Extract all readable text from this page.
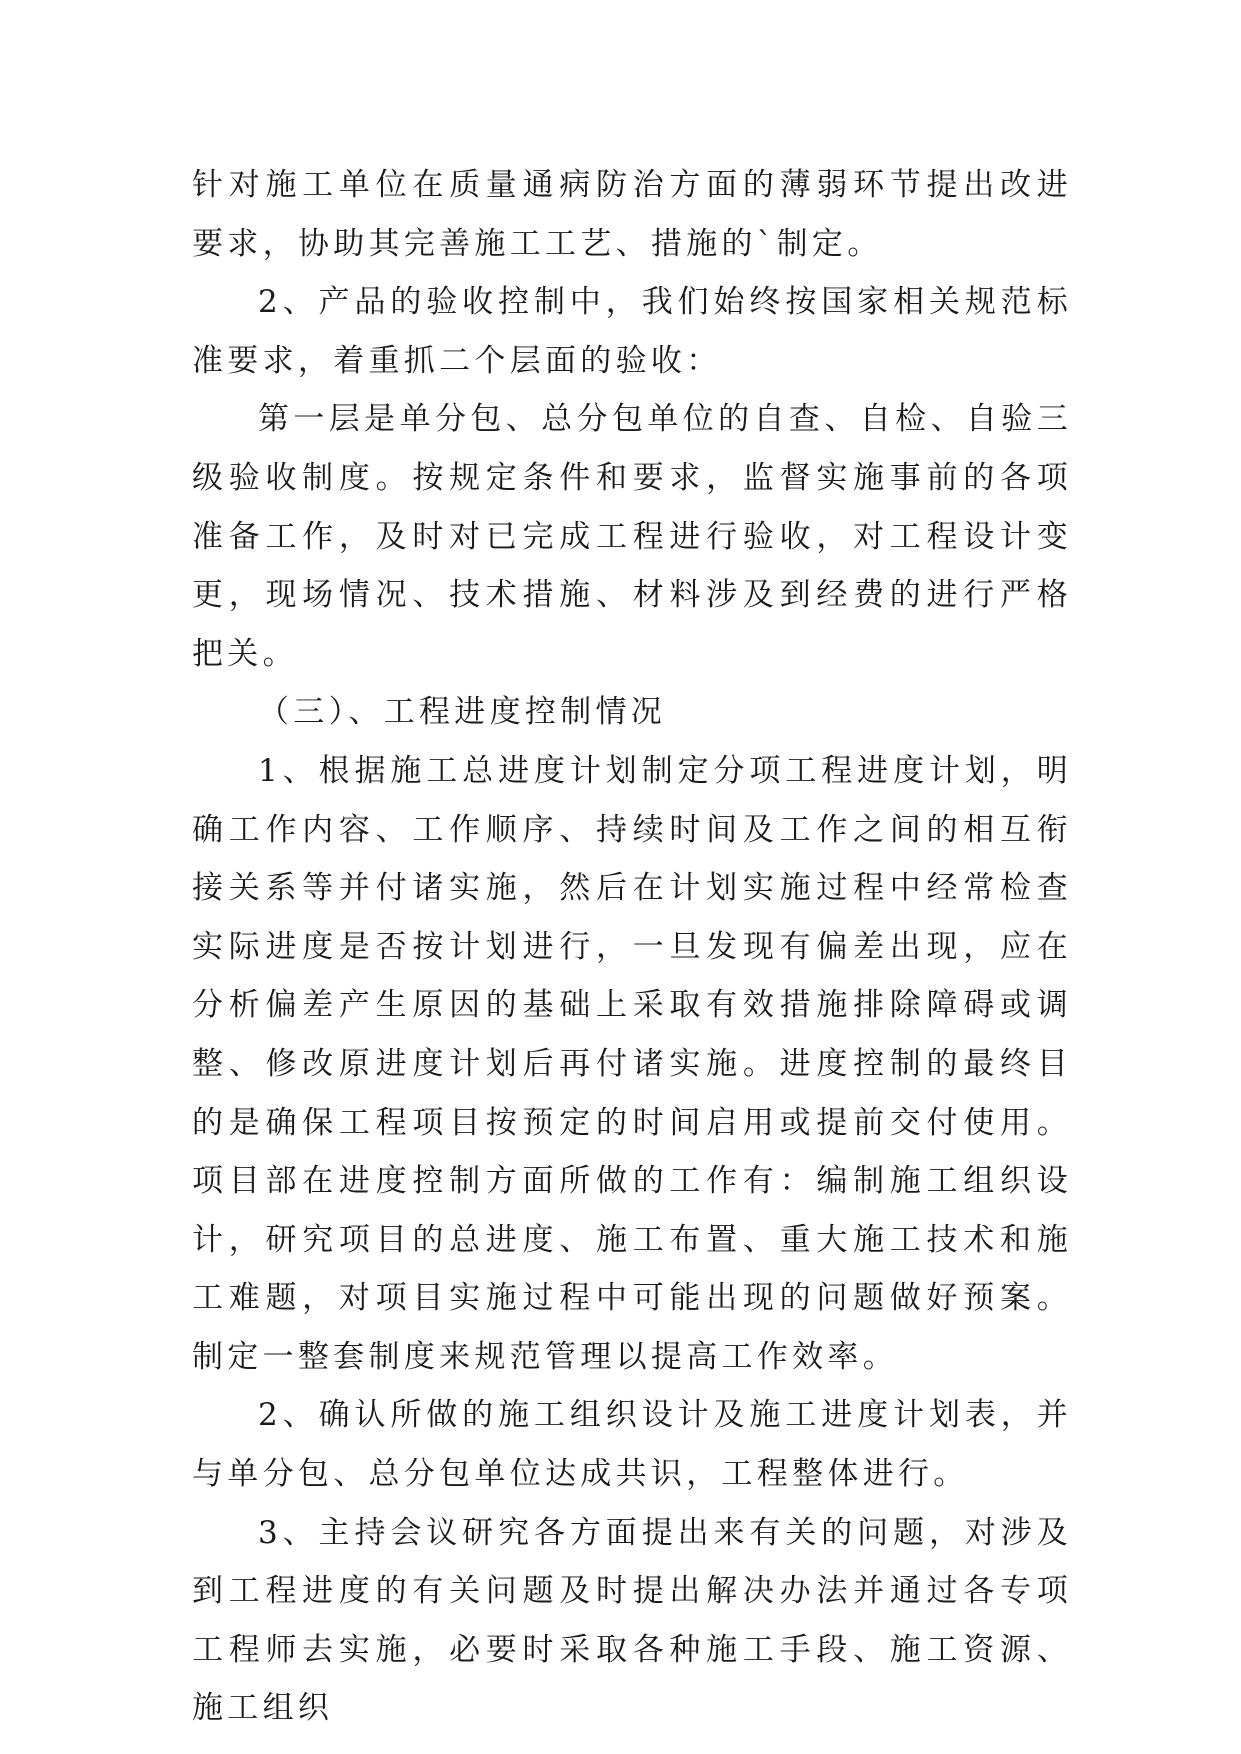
针对施工单位在质量通病防治方面的薄弱环节提出改进要求，协助其完善施工工艺、措施的`制定。

2、产品的验收控制中，我们始终按国家相关规范标准要求，着重抓二个层面的验收：

第一层是单分包、总分包单位的自查、自检、自验三级验收制度。按规定条件和要求，监督实施事前的各项准备工作，及时对已完成工程进行验收，对工程设计变更，现场情况、技术措施、材料涉及到经费的进行严格把关。

（三）、工程进度控制情况

1、根据施工总进度计划制定分项工程进度计划，明确工作内容、工作顺序、持续时间及工作之间的相互衔接关系等并付诸实施，然后在计划实施过程中经常检查实际进度是否按计划进行，一旦发现有偏差出现，应在分析偏差产生原因的基础上采取有效措施排除障碍或调整、修改原进度计划后再付诸实施。进度控制的最终目的是确保工程项目按预定的时间启用或提前交付使用。项目部在进度控制方面所做的工作有：编制施工组织设计，研究项目的总进度、施工布置、重大施工技术和施工难题，对项目实施过程中可能出现的问题做好预案。制定一整套制度来规范管理以提高工作效率。

2、确认所做的施工组织设计及施工进度计划表，并与单分包、总分包单位达成共识，工程整体进行。

3、主持会议研究各方面提出来有关的问题，对涉及到工程进度的有关问题及时提出解决办法并通过各专项工程师去实施，必要时采取各种施工手段、施工资源、施工组织
